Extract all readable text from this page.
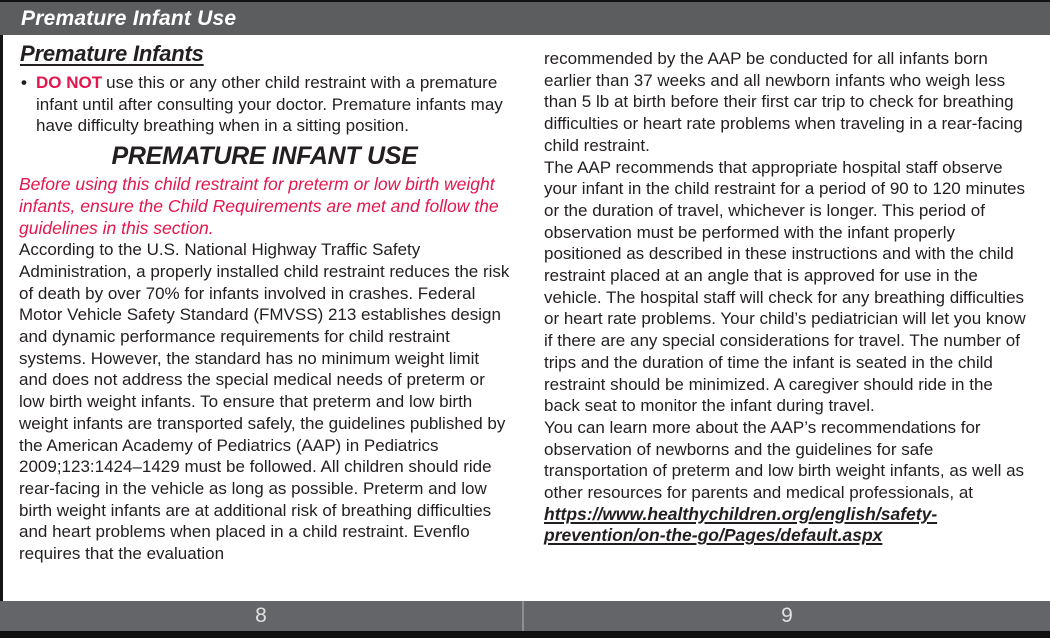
Premature Infant Use
Premature Infants
• DO NOT use this or any other child restraint with a premature infant until after consulting your doctor. Premature infants may have difficulty breathing when in a sitting position.
PREMATURE INFANT USE

Before using this child restraint for preterm or low birth weight infants, ensure the Child Requirements are met and follow the guidelines in this section.

According to the U.S. National Highway Traffic Safety Administration, a properly installed child restraint reduces the risk of death by over 70% for infants involved in crashes. Federal Motor Vehicle Safety Standard (FMVSS) 213 establishes design and dynamic performance requirements for child restraint systems. However, the standard has no minimum weight limit and does not address the special medical needs of preterm or low birth weight infants. To ensure that preterm and low birth weight infants are transported safely, the guidelines published by the American Academy of Pediatrics (AAP) in Pediatrics 2009;123:1424–1429 must be followed. All children should ride rear-facing in the vehicle as long as possible. Preterm and low birth weight infants are at additional risk of breathing difficulties and heart problems when placed in a child restraint. Evenflo requires that the evaluation

recommended by the AAP be conducted for all infants born earlier than 37 weeks and all newborn infants who weigh less than 5 lb at birth before their first car trip to check for breathing difficulties or heart rate problems when traveling in a rear-facing child restraint.

The AAP recommends that appropriate hospital staff observe your infant in the child restraint for a period of 90 to 120 minutes or the duration of travel, whichever is longer. This period of observation must be performed with the infant properly positioned as described in these instructions and with the child restraint placed at an angle that is approved for use in the vehicle. The hospital staff will check for any breathing difficulties or heart rate problems. Your child’s pediatrician will let you know if there are any special considerations for travel. The number of trips and the duration of time the infant is seated in the child restraint should be minimized. A caregiver should ride in the back seat to monitor the infant during travel.

You can learn more about the AAP’s recommendations for observation of newborns and the guidelines for safe transportation of preterm and low birth weight infants, as well as other resources for parents and medical professionals, at

https://www.healthychildren.org/english/safety-
prevention/on-the-go/Pages/default.aspx
8	9
